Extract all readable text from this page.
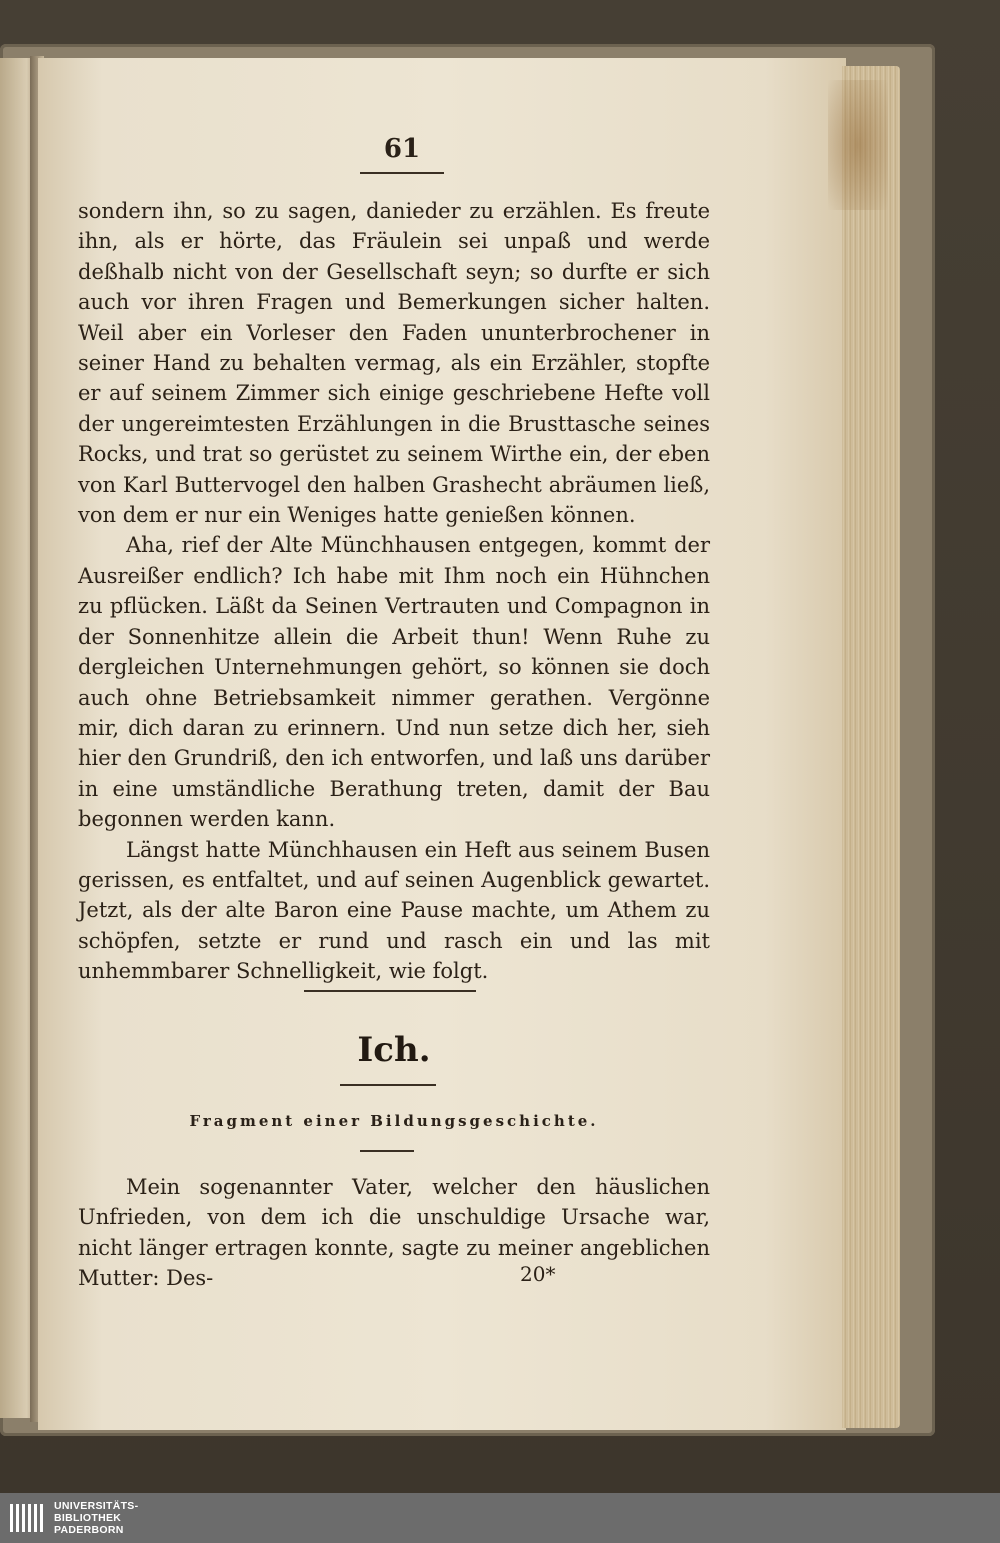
61

sondern ihn, so zu sagen, danieder zu erzählen. Es freute ihn, als er hörte, das Fräulein sei unpaß und werde deßhalb nicht von der Gesellschaft seyn; so durfte er sich auch vor ihren Fragen und Bemerkungen sicher halten. Weil aber ein Vorleser den Faden ununterbrochener in seiner Hand zu behalten vermag, als ein Erzähler, stopfte er auf seinem Zimmer sich einige geschriebene Hefte voll der ungereimtesten Erzählungen in die Brusttasche seines Rocks, und trat so gerüstet zu seinem Wirthe ein, der eben von Karl Buttervogel den halben Grashecht abräumen ließ, von dem er nur ein Weniges hatte genießen können.

Aha, rief der Alte Münchhausen entgegen, kommt der Ausreißer endlich? Ich habe mit Ihm noch ein Hühnchen zu pflücken. Läßt da Seinen Vertrauten und Compagnon in der Sonnenhitze allein die Arbeit thun! Wenn Ruhe zu dergleichen Unternehmungen gehört, so können sie doch auch ohne Betriebsamkeit nimmer gerathen. Vergönne mir, dich daran zu erinnern. Und nun setze dich her, sieh hier den Grundriß, den ich entworfen, und laß uns darüber in eine umständliche Berathung treten, damit der Bau begonnen werden kann.

Längst hatte Münchhausen ein Heft aus seinem Busen gerissen, es entfaltet, und auf seinen Augenblick gewartet. Jetzt, als der alte Baron eine Pause machte, um Athem zu schöpfen, setzte er rund und rasch ein und las mit unhemmbarer Schnelligkeit, wie folgt.

Ich.
Fragment einer Bildungsgeschichte.

Mein sogenannter Vater, welcher den häuslichen Unfrieden, von dem ich die unschuldige Ursache war, nicht länger ertragen konnte, sagte zu meiner angeblichen Mutter: Des-	20*
UNIVERSITÄTS-
BIBLIOTHEK
PADERBORN
